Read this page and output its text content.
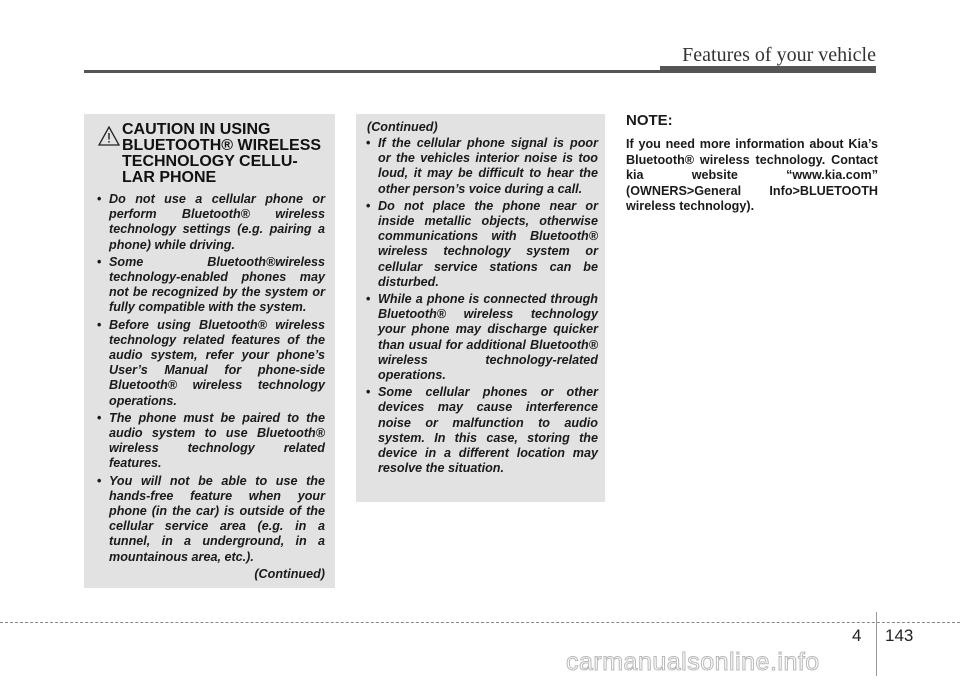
Features of your vehicle
CAUTION IN USING
BLUETOOTH® WIRELESS
TECHNOLOGY CELLU-
LAR PHONE
• Do not use a cellular phone or perform Bluetooth® wireless technology settings (e.g. pairing a phone) while driving.
• Some Bluetooth®wireless technology-enabled phones may not be recognized by the system or fully compatible with the system.
• Before using Bluetooth® wireless technology related features of the audio system, refer your phone’s User’s Manual for phone-side Bluetooth® wireless technology operations.
• The phone must be paired to the audio system to use Bluetooth® wireless technology related features.
• You will not be able to use the hands-free feature when your phone (in the car) is outside of the cellular service area (e.g. in a tunnel, in a underground, in a mountainous area, etc.).
(Continued)
(Continued)
• If the cellular phone signal is poor or the vehicles interior noise is too loud, it may be difficult to hear the other person’s voice during a call.
• Do not place the phone near or inside metallic objects, otherwise communications with Bluetooth® wireless technology system or cellular service stations can be disturbed.
• While a phone is connected through Bluetooth® wireless technology your phone may discharge quicker than usual for additional Bluetooth® wireless technology-related operations.
• Some cellular phones or other devices may cause interference noise or malfunction to audio system. In this case, storing the device in a different location may resolve the situation.
NOTE:

If you need more information about Kia’s Bluetooth® wireless technology. Contact kia website “www.kia.com” (OWNERS>General Info>BLUETOOTH wireless technology).

4 143
carmanualsonline.info
